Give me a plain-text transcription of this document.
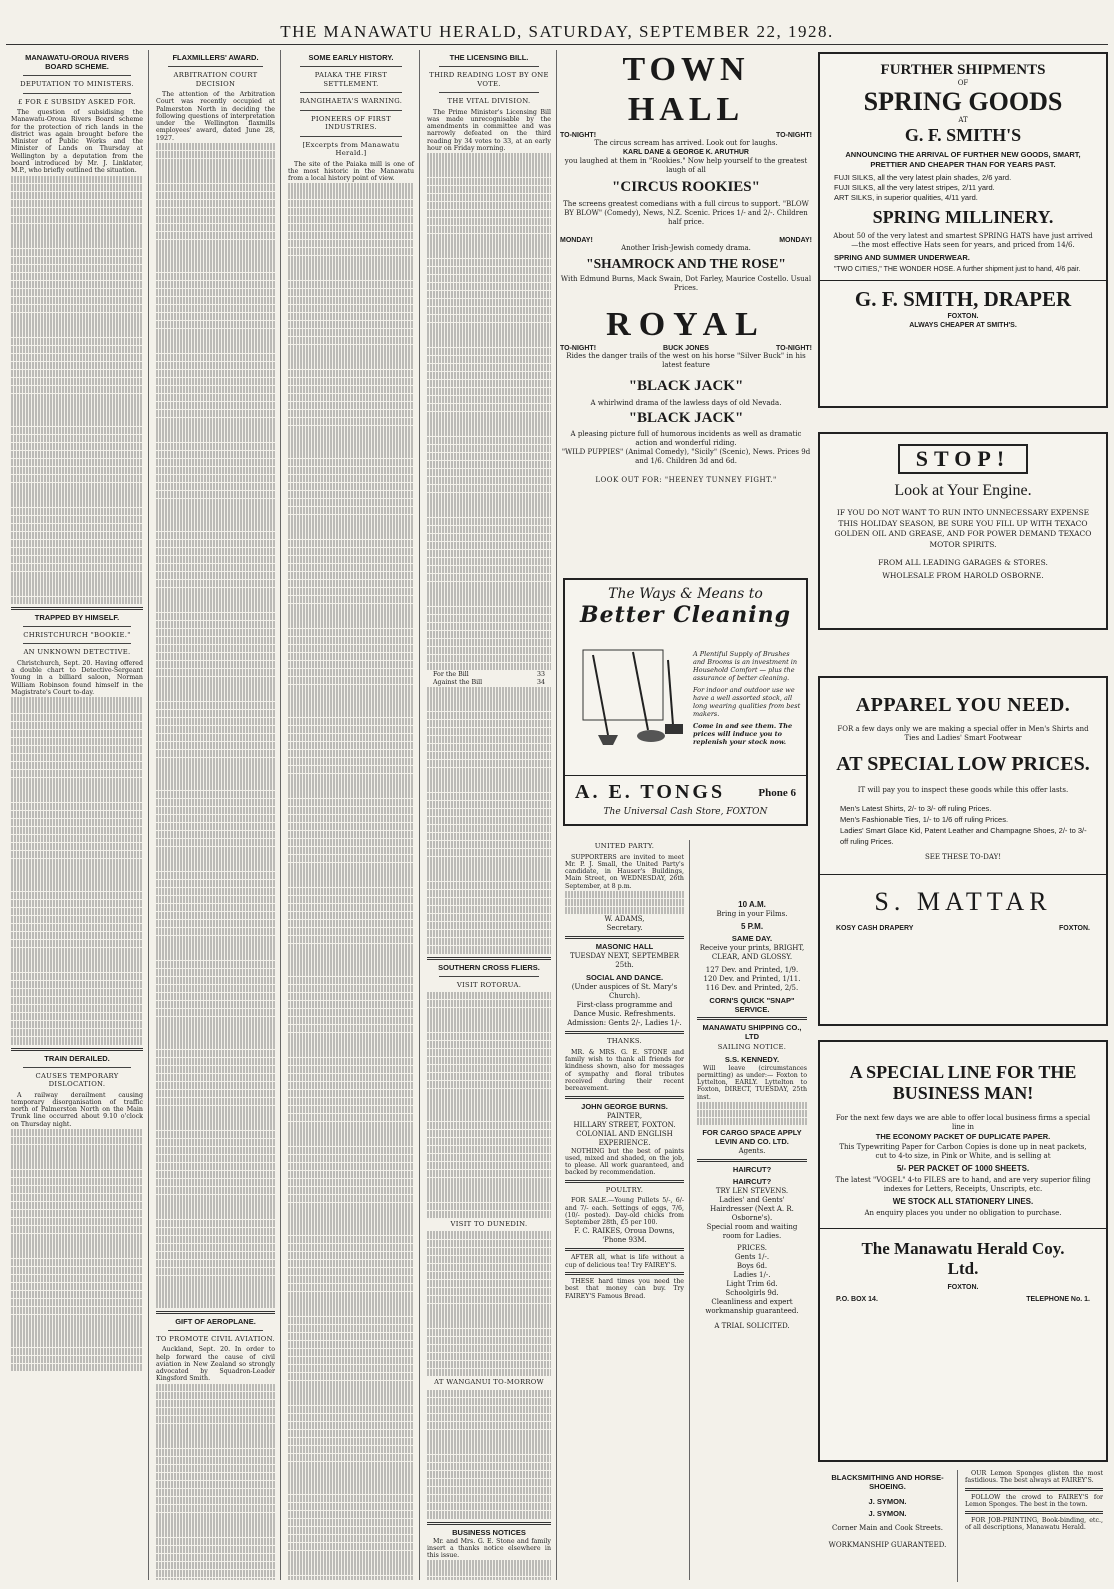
THE MANAWATU HERALD, SATURDAY, SEPTEMBER 22, 1928.
MANAWATU-OROUA RIVERS BOARD SCHEME.
DEPUTATION TO MINISTERS.
£ FOR £ SUBSIDY ASKED FOR.

The question of subsidising the Manawatu-Oroua Rivers Board scheme for the protection of rich lands in the district was again brought before the Minister of Public Works and the Minister of Lands on Thursday at Wellington by a deputation from the board introduced by Mr. J. Linklater, M.P., who briefly outlined the situation.

TRAPPED BY HIMSELF.
CHRISTCHURCH "BOOKIE."
AN UNKNOWN DETECTIVE.

Christchurch, Sept. 20. Having offered a double chart to Detective-Sergeant Young in a billiard saloon, Norman William Robinson found himself in the Magistrate's Court to-day.

TRAIN DERAILED.
CAUSES TEMPORARY DISLOCATION.

A railway derailment causing temporary disorganisation of traffic north of Palmerston North on the Main Trunk line occurred about 9.10 o'clock on Thursday night.

FLAXMILLERS' AWARD.
ARBITRATION COURT DECISION

The attention of the Arbitration Court was recently occupied at Palmerston North in deciding the following questions of interpretation under the Wellington flaxmills employees' award, dated June 28, 1927.

GIFT OF AEROPLANE.
TO PROMOTE CIVIL AVIATION.

Auckland, Sept. 20. In order to help forward the cause of civil aviation in New Zealand so strongly advocated by Squadron-Leader Kingsford Smith.

SOME EARLY HISTORY.
PAIAKA THE FIRST SETTLEMENT.
RANGIHAETA'S WARNING.
PIONEERS OF FIRST INDUSTRIES.
[Excerpts from Manawatu Herald.]

The site of the Paiaka mill is one of the most historic in the Manawatu from a local history point of view.

THE LICENSING BILL.
THIRD READING LOST BY ONE VOTE.
THE VITAL DIVISION.

The Prime Minister's Licensing Bill was made unrecognisable by the amendments in committee and was narrowly defeated on the third reading by 34 votes to 33, at an early hour on Friday morning.

For the Bill	33
Against the Bill	34
SOUTHERN CROSS FLIERS.
VISIT ROTORUA.
VISIT TO DUNEDIN.
AT WANGANUI TO-MORROW
BUSINESS NOTICES

Mr. and Mrs. G. E. Stone and family insert a thanks notice elsewhere in this issue.

TOWN HALL
TO-NIGHT!	TO-NIGHT!
The circus scream has arrived. Look out for laughs.
KARL DANE & GEORGE K. ARUTHUR
you laughed at them in "Rookies." Now help yourself to the greatest laugh of all
"CIRCUS ROOKIES"
The screens greatest comedians with a full circus to support. "BLOW BY BLOW" (Comedy), News, N.Z. Scenic. Prices 1/- and 2/-. Children half price.
MONDAY!	MONDAY!
Another Irish-Jewish comedy drama.
"SHAMROCK AND THE ROSE"
With Edmund Burns, Mack Swain, Dot Farley, Maurice Costello. Usual Prices.
ROYAL
TO-NIGHT!	BUCK JONES	TO-NIGHT!
Rides the danger trails of the west on his horse "Silver Buck" in his latest feature
"BLACK JACK"
A whirlwind drama of the lawless days of old Nevada.
"BLACK JACK"
A pleasing picture full of humorous incidents as well as dramatic action and wonderful riding.
"WILD PUPPIES" (Animal Comedy), "Sicily" (Scenic), News. Prices 9d and 1/6. Children 3d and 6d.
LOOK OUT FOR: "HEENEY TUNNEY FIGHT."
The Ways & Means to
Better Cleaning
A Plentiful Supply of Brushes and Brooms is an investment in Household Comfort — plus the assurance of better cleaning.
For indoor and outdoor use we have a well assorted stock, all long wearing qualities from best makers.
Come in and see them. The prices will induce you to replenish your stock now.
A. E. TONGS	Phone 6
The Universal Cash Store, FOXTON
UNITED PARTY.

SUPPORTERS are invited to meet Mr. P. J. Small, the United Party's candidate, in Hauser's Buildings, Main Street, on WEDNESDAY, 26th September, at 8 p.m.

W. ADAMS,
Secretary.
MASONIC HALL
TUESDAY NEXT, SEPTEMBER 25th.
SOCIAL AND DANCE.
(Under auspices of St. Mary's Church).
First-class programme and Dance Music. Refreshments. Admission: Gents 2/-, Ladies 1/-.
THANKS.

MR. & MRS. G. E. STONE and family wish to thank all friends for kindness shown, also for messages of sympathy and floral tributes received during their recent bereavement.

JOHN GEORGE BURNS.
PAINTER,
HILLARY STREET, FOXTON.
COLONIAL AND ENGLISH EXPERIENCE.

NOTHING but the best of paints used, mixed and shaded, on the job, to please. All work guaranteed, and backed by recommendation.

POULTRY.

FOR SALE.—Young Pullets 5/-, 6/- and 7/- each. Settings of eggs, 7/6, (10/- posted). Day-old chicks from September 28th, £5 per 100.

F. C. RAIKES, Oroua Downs, 'Phone 93M.

AFTER all, what is life without a cup of delicious tea! Try FAIREY'S.

THESE hard times you need the best that money can buy. Try FAIREY'S Famous Bread.

10 A.M.
Bring in your Films.
5 P.M.
SAME DAY.
Receive your prints, BRIGHT, CLEAR, AND GLOSSY.
127 Dev. and Printed, 1/9.
120 Dev. and Printed, 1/11.
116 Dev. and Printed, 2/5.
CORN'S QUICK "SNAP" SERVICE.
MANAWATU SHIPPING CO., LTD
SAILING NOTICE.
S.S. KENNEDY.

Will leave (circumstances permitting) as under:— Foxton to Lyttelton, EARLY. Lyttelton to Foxton, DIRECT, TUESDAY, 25th inst.

FOR CARGO SPACE APPLY LEVIN AND CO. LTD.
Agents.
HAIRCUT?
HAIRCUT?
TRY LEN STEVENS.
Ladies' and Gents' Hairdresser (Next A. R. Osborne's).
Special room and waiting room for Ladies.
PRICES.
Gents 1/-.
Boys 6d.
Ladies 1/-.
Light Trim 6d.
Schoolgirls 9d.
Cleanliness and expert workmanship guaranteed.
A TRIAL SOLICITED.
FURTHER SHIPMENTS
OF
SPRING GOODS
AT
G. F. SMITH'S
ANNOUNCING THE ARRIVAL OF FURTHER NEW GOODS, SMART, PRETTIER AND CHEAPER THAN FOR YEARS PAST.
FUJI SILKS, all the very latest plain shades, 2/6 yard.
FUJI SILKS, all the very latest stripes, 2/11 yard.
ART SILKS, in superior qualities, 4/11 yard.
SPRING MILLINERY.
About 50 of the very latest and smartest SPRING HATS have just arrived—the most effective Hats seen for years, and priced from 14/6.
SPRING AND SUMMER UNDERWEAR.
"TWO CITIES," THE WONDER HOSE. A further shipment just to hand, 4/6 pair.
G. F. SMITH, DRAPER
FOXTON.
ALWAYS CHEAPER AT SMITH'S.
STOP!
Look at Your Engine.
IF YOU DO NOT WANT TO RUN INTO UNNECESSARY EXPENSE THIS HOLIDAY SEASON, BE SURE YOU FILL UP WITH TEXACO GOLDEN OIL AND GREASE, AND FOR POWER DEMAND TEXACO MOTOR SPIRITS.
FROM ALL LEADING GARAGES & STORES.
WHOLESALE FROM HAROLD OSBORNE.
APPAREL YOU NEED.
FOR a few days only we are making a special offer in Men's Shirts and Ties and Ladies' Smart Footwear
AT SPECIAL LOW PRICES.
IT will pay you to inspect these goods while this offer lasts.
Men's Latest Shirts, 2/- to 3/- off ruling Prices.
Men's Fashionable Ties, 1/- to 1/6 off ruling Prices.
Ladies' Smart Glace Kid, Patent Leather and Champagne Shoes, 2/- to 3/- off ruling Prices.
SEE THESE TO-DAY!
S. MATTAR
KOSY CASH DRAPERY	FOXTON.
A SPECIAL LINE FOR THE
BUSINESS MAN!
For the next few days we are able to offer local business firms a special line in
THE ECONOMY PACKET OF DUPLICATE PAPER.
This Typewriting Paper for Carbon Copies is done up in neat packets, cut to 4-to size, in Pink or White, and is selling at
5/- PER PACKET OF 1000 SHEETS.
The latest "VOGEL" 4-to FILES are to hand, and are very superior filing indexes for Letters, Receipts, Unscripts, etc.
WE STOCK ALL STATIONERY LINES.
An enquiry places you under no obligation to purchase.
The Manawatu Herald Coy.
Ltd.
FOXTON.
P.O. BOX 14.	TELEPHONE No. 1.
BLACKSMITHING AND HORSE-SHOEING.
J. SYMON.
J. SYMON.
Corner Main and Cook Streets.
WORKMANSHIP GUARANTEED.

OUR Lemon Sponges glisten the most fastidious. The best always at FAIREY'S.

FOLLOW the crowd to FAIREY'S for Lemon Sponges. The best in the town.

FOR JOB-PRINTING, Book-binding, etc., of all descriptions, Manawatu Herald.
